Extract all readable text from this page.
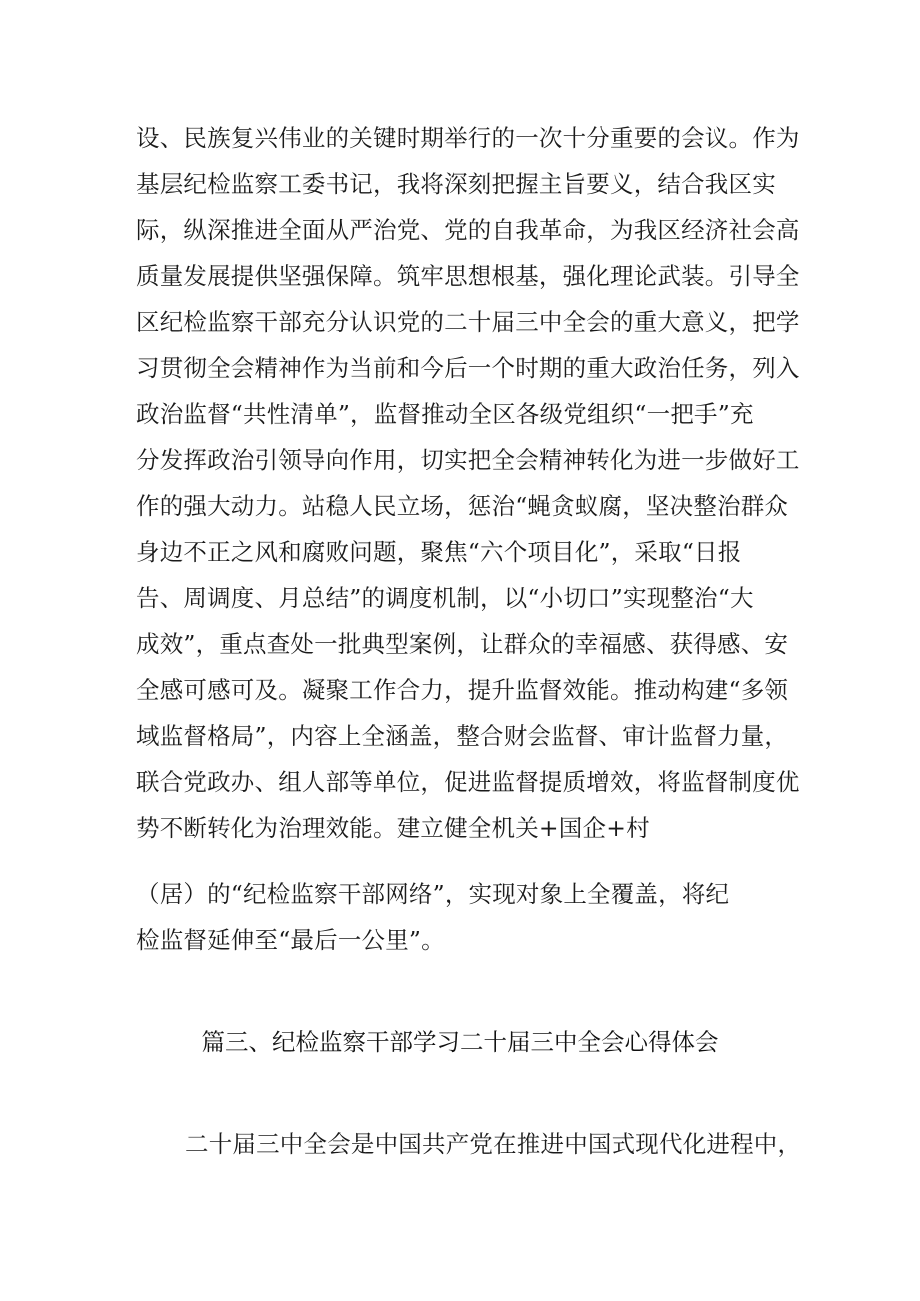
设、民族复兴伟业的关键时期举行的一次十分重要的会议。作为
基层纪检监察工委书记，我将深刻把握主旨要义，结合我区实
际，纵深推进全面从严治党、党的自我革命，为我区经济社会高
质量发展提供坚强保障。筑牢思想根基，强化理论武装。引导全
区纪检监察干部充分认识党的二十届三中全会的重大意义，把学
习贯彻全会精神作为当前和今后一个时期的重大政治任务，列入
政治监督“共性清单”，监督推动全区各级党组织“一把手”充
分发挥政治引领导向作用，切实把全会精神转化为进一步做好工
作的强大动力。站稳人民立场，惩治“蝇贪蚁腐，坚决整治群众
身边不正之风和腐败问题，聚焦“六个项目化”，采取“日报
告、周调度、月总结”的调度机制，以“小切口”实现整治“大
成效”，重点查处一批典型案例，让群众的幸福感、获得感、安
全感可感可及。凝聚工作合力，提升监督效能。推动构建“多领
域监督格局”，内容上全涵盖，整合财会监督、审计监督力量，
联合党政办、组人部等单位，促进监督提质增效，将监督制度优
势不断转化为治理效能。建立健全机关+国企+村
（居）的“纪检监察干部网络”，实现对象上全覆盖，将纪
检监督延伸至“最后一公里”。
篇三、纪检监察干部学习二十届三中全会心得体会
二十届三中全会是中国共产党在推进中国式现代化进程中，
